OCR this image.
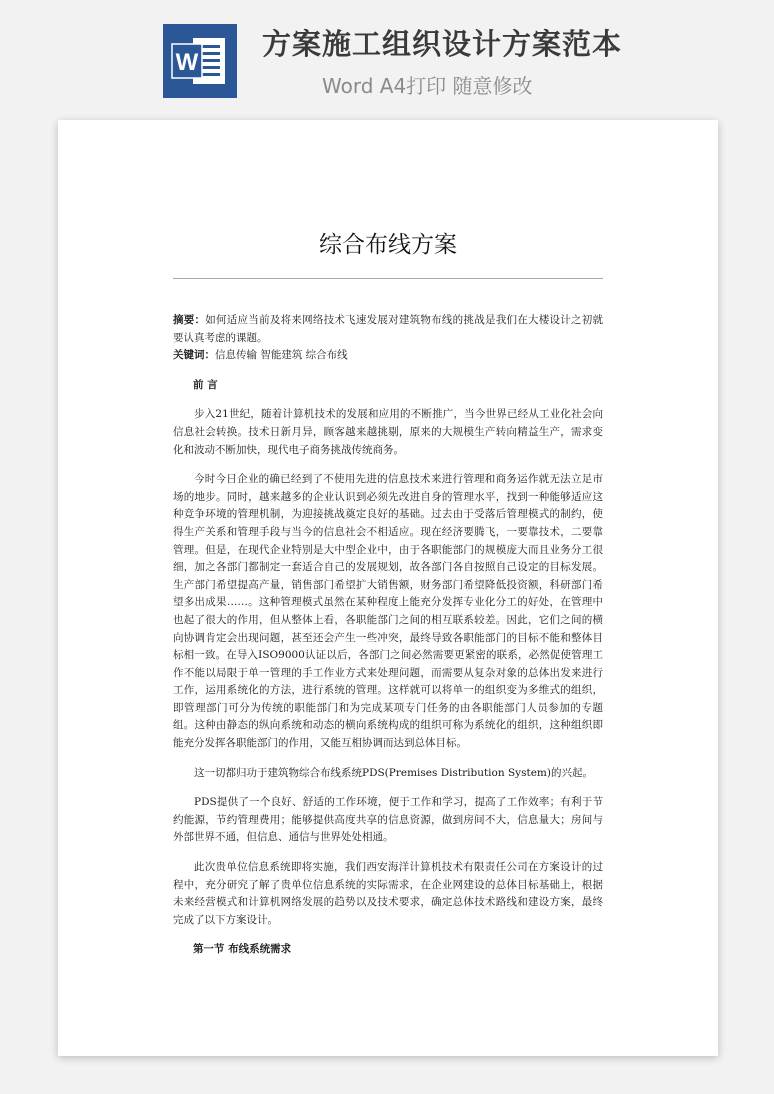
W
方案施工组织设计方案范本
Word A4打印 随意修改
综合布线方案

摘要：如何适应当前及将来网络技术飞速发展对建筑物布线的挑战是我们在大楼设计之初就要认真考虑的课题。

关键词：信息传输 智能建筑 综合布线

前 言

步入21世纪，随着计算机技术的发展和应用的不断推广，当今世界已经从工业化社会向信息社会转换。技术日新月异，顾客越来越挑剔，原来的大规模生产转向精益生产，需求变化和波动不断加快，现代电子商务挑战传统商务。

今时今日企业的确已经到了不使用先进的信息技术来进行管理和商务运作就无法立足市场的地步。同时，越来越多的企业认识到必须先改进自身的管理水平，找到一种能够适应这种竞争环境的管理机制，为迎接挑战奠定良好的基础。过去由于受落后管理模式的制约，使得生产关系和管理手段与当今的信息社会不相适应。现在经济要腾飞，一要靠技术，二要靠管理。但是，在现代企业特别是大中型企业中，由于各职能部门的规模庞大而且业务分工很细，加之各部门都制定一套适合自己的发展规划，故各部门各自按照自己设定的目标发展。生产部门希望提高产量，销售部门希望扩大销售额，财务部门希望降低投资额，科研部门希望多出成果……。这种管理模式虽然在某种程度上能充分发挥专业化分工的好处，在管理中也起了很大的作用，但从整体上看，各职能部门之间的相互联系较差。因此，它们之间的横向协调肯定会出现问题，甚至还会产生一些冲突，最终导致各职能部门的目标不能和整体目标相一致。在导入ISO9000认证以后，各部门之间必然需要更紧密的联系，必然促使管理工作不能以局限于单一管理的手工作业方式来处理问题，而需要从复杂对象的总体出发来进行工作，运用系统化的方法，进行系统的管理。这样就可以将单一的组织变为多维式的组织，即管理部门可分为传统的职能部门和为完成某项专门任务的由各职能部门人员参加的专题组。这种由静态的纵向系统和动态的横向系统构成的组织可称为系统化的组织，这种组织即能充分发挥各职能部门的作用，又能互相协调而达到总体目标。

这一切都归功于建筑物综合布线系统PDS(Premises Distribution System)的兴起。

PDS提供了一个良好、舒适的工作环境，便于工作和学习，提高了工作效率；有利于节约能源，节约管理费用；能够提供高度共享的信息资源，做到房间不大，信息量大；房间与外部世界不通，但信息、通信与世界处处相通。

此次贵单位信息系统即将实施，我们西安海洋计算机技术有限责任公司在方案设计的过程中，充分研究了解了贵单位信息系统的实际需求，在企业网建设的总体目标基础上，根据未来经营模式和计算机网络发展的趋势以及技术要求，确定总体技术路线和建设方案，最终完成了以下方案设计。

第一节 布线系统需求
